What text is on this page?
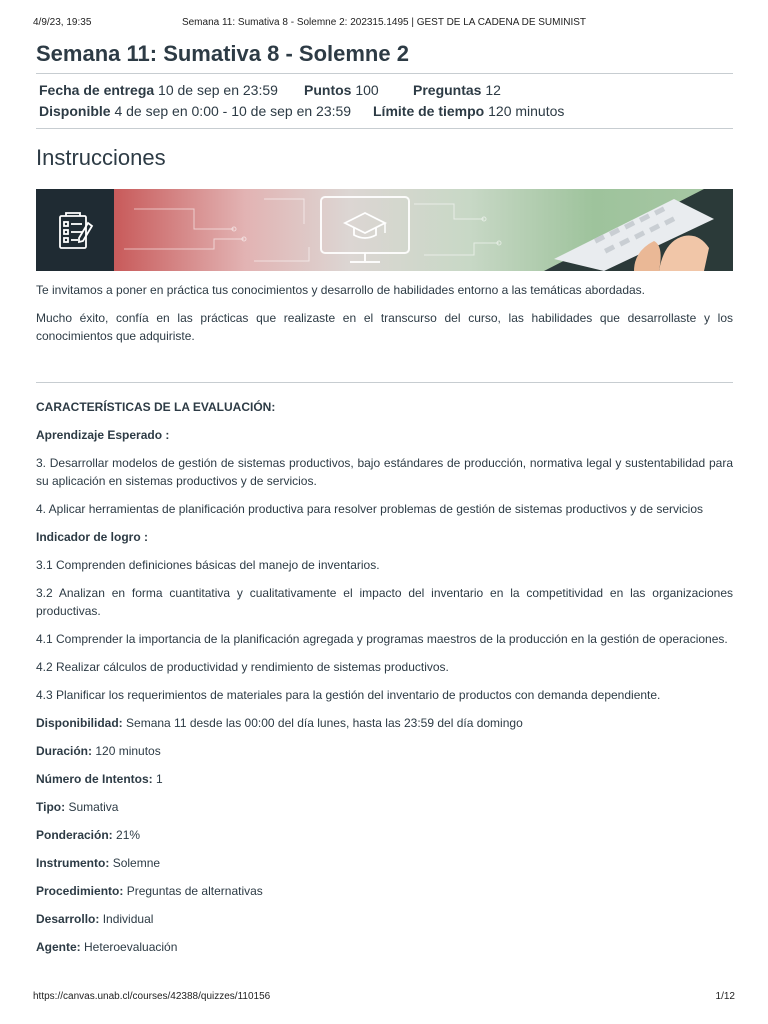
4/9/23, 19:35	Semana 11: Sumativa 8 - Solemne 2: 202315.1495 | GEST DE LA CADENA DE SUMINIST
Semana 11: Sumativa 8 - Solemne 2
Fecha de entrega 10 de sep en 23:59 Puntos 100 Preguntas 12
Disponible 4 de sep en 0:00 - 10 de sep en 23:59 Límite de tiempo 120 minutos
Instrucciones

Te invitamos a poner en práctica tus conocimientos y desarrollo de habilidades entorno a las temáticas abordadas.

Mucho éxito, confía en las prácticas que realizaste en el transcurso del curso, las habilidades que desarrollaste y los conocimientos que adquiriste.

CARACTERÍSTICAS DE LA EVALUACIÓN:

Aprendizaje Esperado :

3. Desarrollar modelos de gestión de sistemas productivos, bajo estándares de producción, normativa legal y sustentabilidad para su aplicación en sistemas productivos y de servicios.

4. Aplicar herramientas de planificación productiva para resolver problemas de gestión de sistemas productivos y de servicios

Indicador de logro :

3.1 Comprenden definiciones básicas del manejo de inventarios.

3.2 Analizan en forma cuantitativa y cualitativamente el impacto del inventario en la competitividad en las organizaciones productivas.

4.1 Comprender la importancia de la planificación agregada y programas maestros de la producción en la gestión de operaciones.

4.2 Realizar cálculos de productividad y rendimiento de sistemas productivos.

4.3 Planificar los requerimientos de materiales para la gestión del inventario de productos con demanda dependiente.

Disponibilidad: Semana 11 desde las 00:00 del día lunes, hasta las 23:59 del día domingo

Duración: 120 minutos

Número de Intentos: 1

Tipo: Sumativa

Ponderación: 21%

Instrumento: Solemne

Procedimiento: Preguntas de alternativas

Desarrollo: Individual

Agente: Heteroevaluación

https://canvas.unab.cl/courses/42388/quizzes/110156	1/12
